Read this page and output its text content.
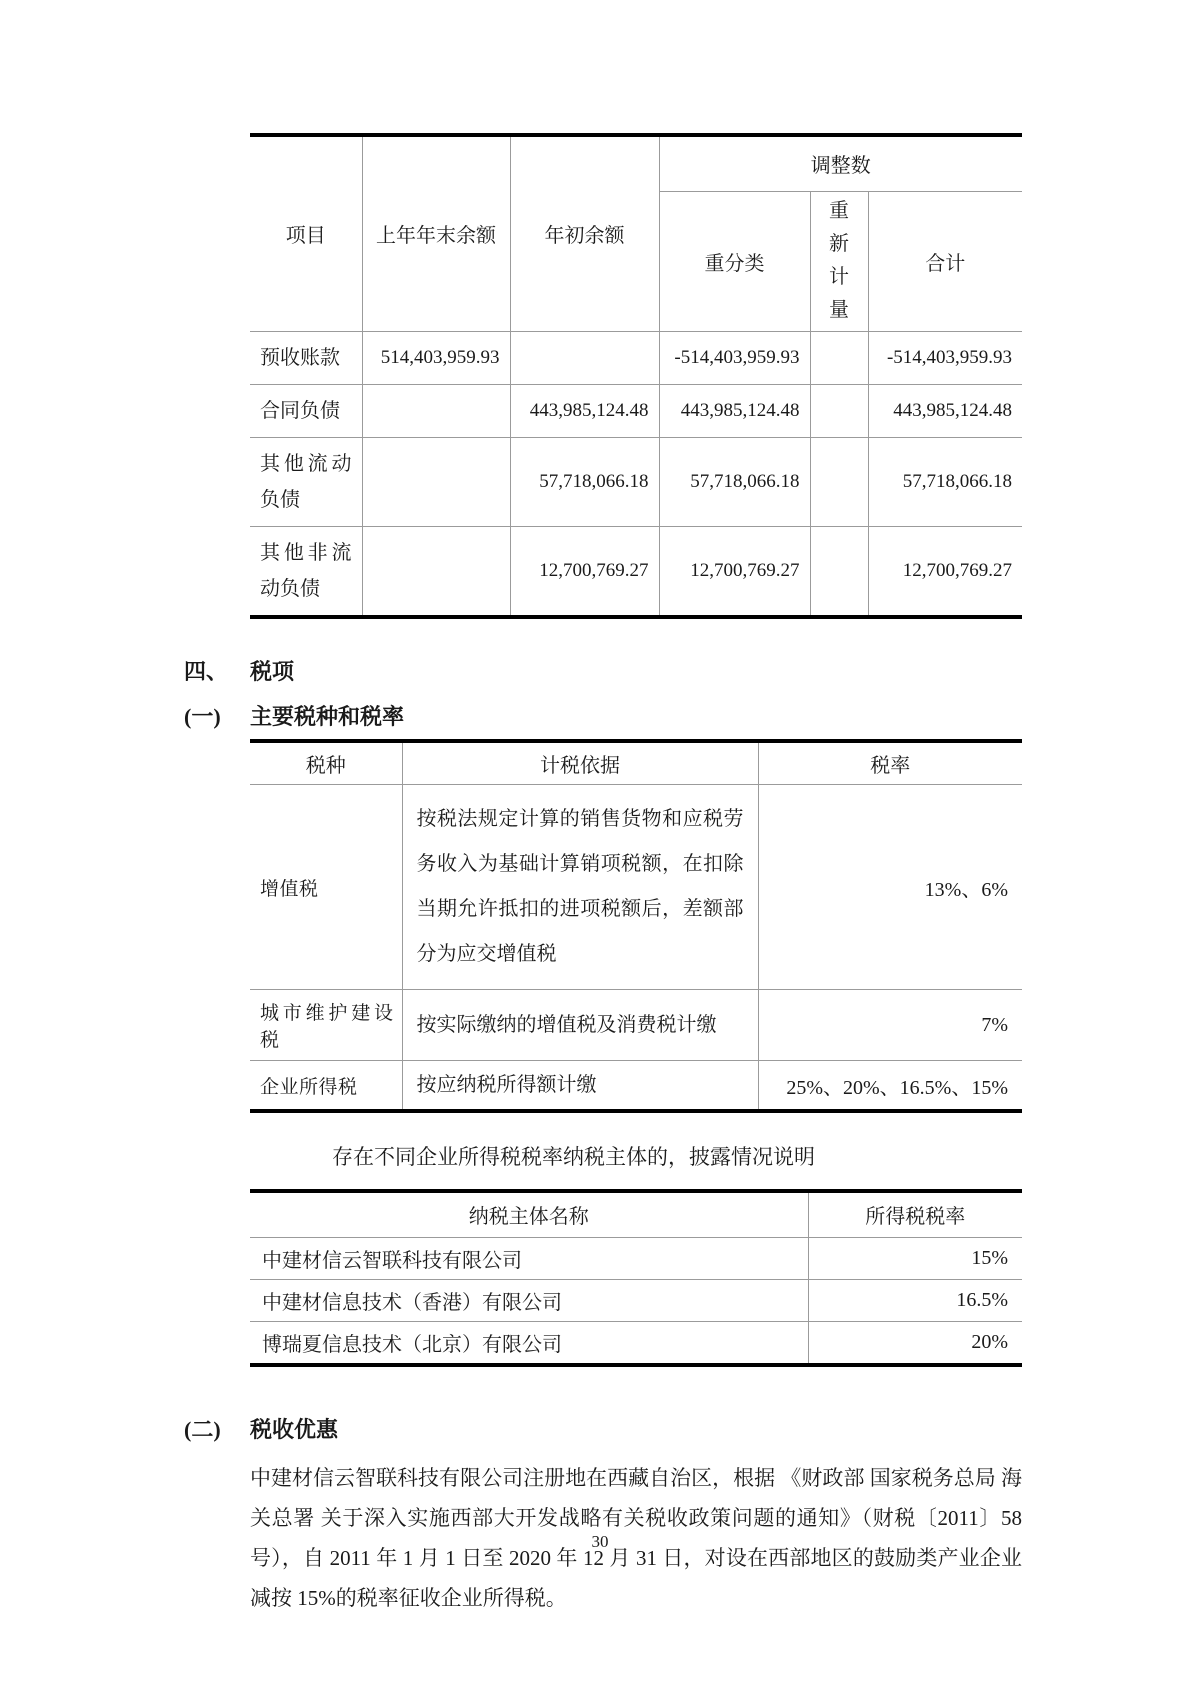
项目	上年年末余额	年初余额	调整数		
			重分类	重新计量	合计
预收账款	514,403,959.93		-514,403,959.93		-514,403,959.93
合同负债		443,985,124.48	443,985,124.48		443,985,124.48
其他流动负债		57,718,066.18	57,718,066.18		57,718,066.18
其他非流动负债		12,700,769.27	12,700,769.27		12,700,769.27
四、 税项
(一)	主要税种和税率
税种	计税依据	税率
增值税	按税法规定计算的销售货物和应税劳务收入为基础计算销项税额，在扣除当期允许抵扣的进项税额后，差额部分为应交增值税	13%、6%
城市维护建设税	按实际缴纳的增值税及消费税计缴	7%
企业所得税	按应纳税所得额计缴	25%、20%、16.5%、15%
存在不同企业所得税税率纳税主体的，披露情况说明
纳税主体名称	所得税税率
中建材信云智联科技有限公司	15%
中建材信息技术（香港）有限公司	16.5%
博瑞夏信息技术（北京）有限公司	20%
(二)	税收优惠

中建材信云智联科技有限公司注册地在西藏自治区，根据 《财政部 国家税务总局 海关总署 关于深入实施西部大开发战略有关税收政策问题的通知》（财税〔2011〕58 号），自 2011 年 1 月 1 日至 2020 年 12 月 31 日，对设在西部地区的鼓励类产业企业减按 15%的税率征收企业所得税。

30
